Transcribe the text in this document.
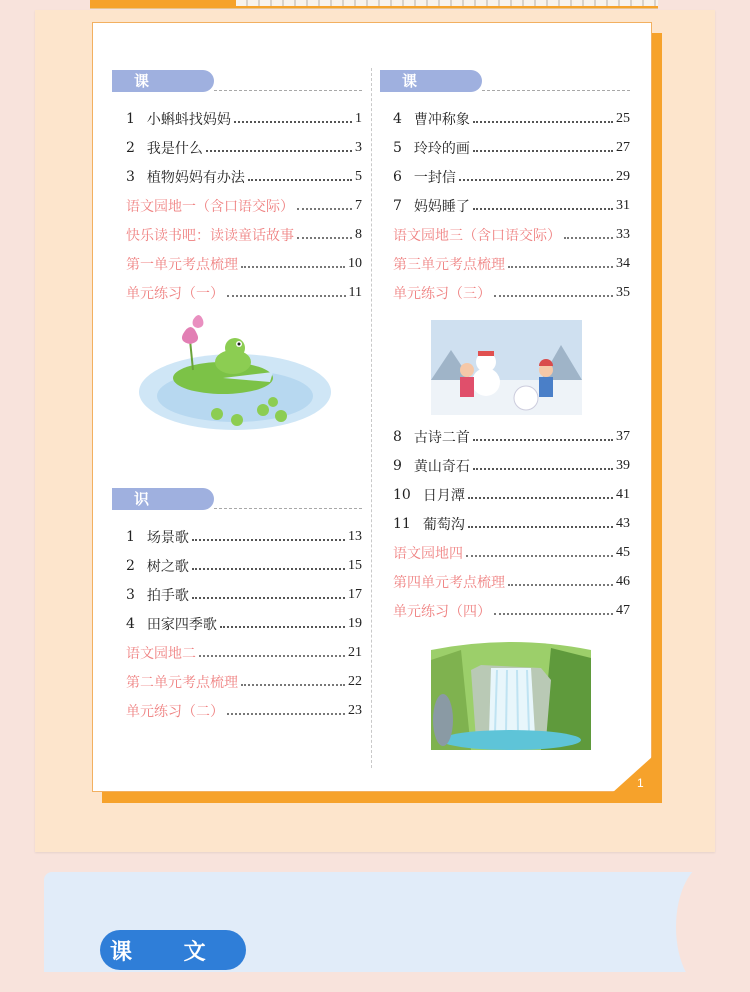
课 文
1 小蝌蚪找妈妈	1
2 我是什么	3
3 植物妈妈有办法	5
语文园地一（含口语交际）	7
快乐读书吧：读读童话故事	8
第一单元考点梳理	10
单元练习（一）	11
识 字
1 场景歌	13
2 树之歌	15
3 拍手歌	17
4 田家四季歌	19
语文园地二	21
第二单元考点梳理	22
单元练习（二）	23
课 文
4 曹冲称象	25
5 玲玲的画	27
6 一封信	29
7 妈妈睡了	31
语文园地三（含口语交际）	33
第三单元考点梳理	34
单元练习（三）	35
8 古诗二首	37
9 黄山奇石	39
10 日月潭	41
11 葡萄沟	43
语文园地四	45
第四单元考点梳理	46
单元练习（四）	47
1
课 文
